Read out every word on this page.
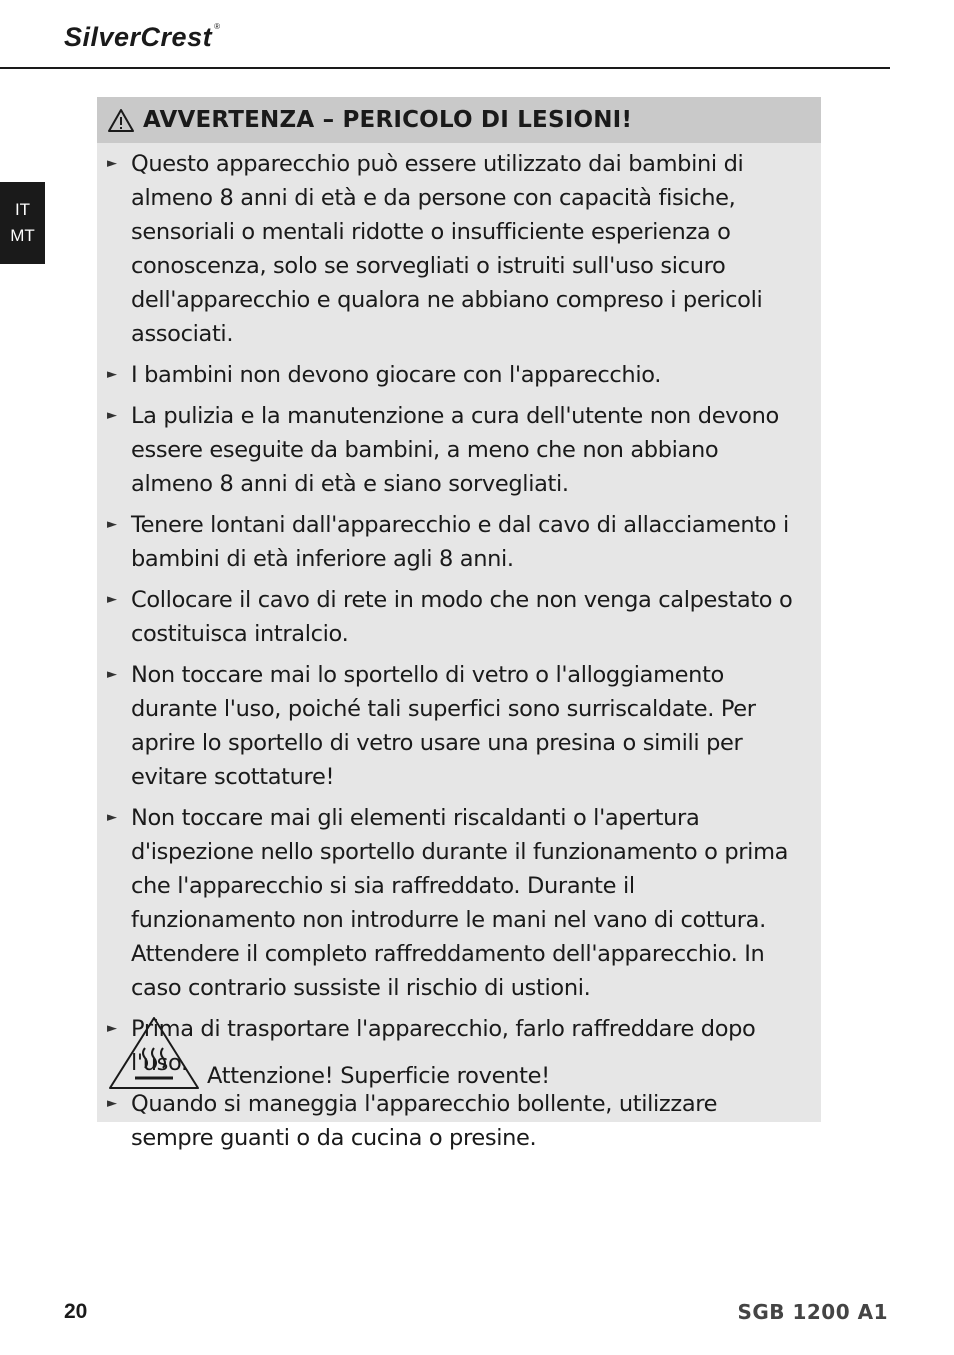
SilverCrest ®
IT
MT
AVVERTENZA – PERICOLO DI LESIONI!
► Questo apparecchio può essere utilizzato dai bambini di almeno 8 anni di età e da persone con capacità fisiche, sensoriali o mentali ridotte o insufficiente esperienza o conoscenza, solo se sorvegliati o istruiti sull'uso sicuro dell'apparecchio e qualora ne abbiano compreso i pericoli associati.
► I bambini non devono giocare con l'apparecchio.
► La pulizia e la manutenzione a cura dell'utente non devono essere eseguite da bambini, a meno che non abbiano almeno 8 anni di età e siano sorvegliati.
► Tenere lontani dall'apparecchio e dal cavo di allacciamento i bambini di età inferiore agli 8 anni.
► Collocare il cavo di rete in modo che non venga calpestato o costituisca intralcio.
► Non toccare mai lo sportello di vetro o l'alloggiamento durante l'uso, poiché tali superfici sono surriscaldate. Per aprire lo sportello di vetro usare una presina o simili per evitare scottature!
► Non toccare mai gli elementi riscaldanti o l'apertura d'ispezione nello sportello durante il funzionamento o prima che l'apparecchio si sia raffreddato. Durante il funzionamento non introdurre le mani nel vano di cottura. Attendere il completo raffreddamento dell'apparecchio. In caso contrario sussiste il rischio di ustioni.
► Prima di trasportare l'apparecchio, farlo raffreddare dopo l'uso.
► Quando si maneggia l'apparecchio bollente, utilizzare sempre guanti o da cucina o presine.
Attenzione! Superficie rovente!
20	SGB 1200 A1
